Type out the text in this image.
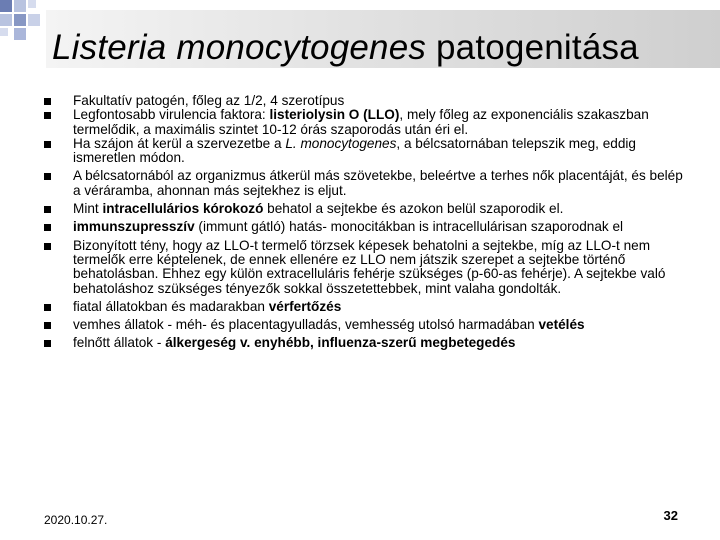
Listeria monocytogenes patogenitása
Fakultatív patogén, főleg az 1/2, 4 szerotípus
Legfontosabb virulencia faktora: listeriolysin O (LLO), mely főleg az exponenciális szakaszban termelődik, a maximális szintet 10-12 órás szaporodás után éri el.
Ha szájon át kerül a szervezetbe a L. monocytogenes, a bélcsatornában telepszik meg, eddig ismeretlen módon.
A bélcsatornából az organizmus átkerül más szövetekbe, beleértve a terhes nők placentáját, és belép a véráramba, ahonnan más sejtekhez is eljut.
Mint intracellulários kórokozó behatol a sejtekbe és azokon belül szaporodik el.
immunszupresszív (immunt gátló) hatás- monocitákban is intracellulárisan szaporodnak el
Bizonyított tény, hogy az LLO-t termelő törzsek képesek behatolni a sejtekbe, míg az LLO-t nem termelők erre képtelenek, de ennek ellenére ez LLO nem játszik szerepet a sejtekbe történő behatolásban. Ehhez egy külön extracelluláris fehérje szükséges (p-60-as fehérje). A sejtekbe való behatoláshoz szükséges tényezők sokkal összetettebbek, mint valaha gondolták.
fiatal állatokban és madarakban vérfertőzés
vemhes állatok - méh- és placentagyulladás, vemhesség utolsó harmadában vetélés
felnőtt állatok - álkergeség v. enyhébb, influenza-szerű megbetegedés
2020.10.27.	32
